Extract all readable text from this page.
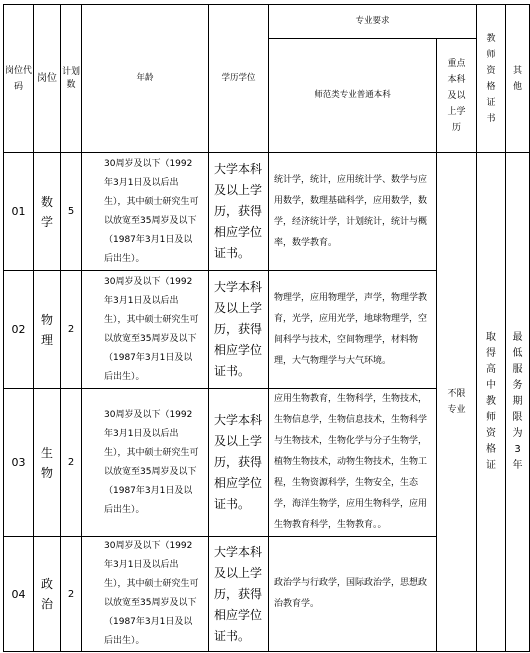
岗位代码	岗位	计划数	年龄	学历学位	专业要求		教师资格证书	其他
					师范类专业普通本科	重点本科及以上学历		
01	数学	5	30周岁及以下（1992年3月1日及以后出生），其中硕士研究生可以放宽至35周岁及以下（1987年3月1日及以后出生）。	大学本科及以上学历，获得相应学位证书。	统计学，统计，应用统计学、数学与应用数学，数理基础科学，应用数学，数学，经济统计学，计划统计，统计与概率，数学教育。	不限专业	取得高中教师资格证	最低服务期限为3年
02	物理	2	30周岁及以下（1992年3月1日及以后出生），其中硕士研究生可以放宽至35周岁及以下（1987年3月1日及以后出生）。	大学本科及以上学历，获得相应学位证书。	物理学，应用物理学，声学，物理学教育，光学，应用光学，地球物理学，空间科学与技术，空间物理学，材料物理，大气物理学与大气环境。			
03	生物	2	30周岁及以下（1992年3月1日及以后出生），其中硕士研究生可以放宽至35周岁及以下（1987年3月1日及以后出生）。	大学本科及以上学历，获得相应学位证书。	应用生物教育，生物科学，生物技术，生物信息学，生物信息技术，生物科学与生物技术，生物化学与分子生物学，植物生物技术，动物生物技术，生物工程，生物资源科学，生物安全，生态学，海洋生物学，应用生物科学，应用生物教育科学，生物教育。。			
04	政治	2	30周岁及以下（1992年3月1日及以后出生），其中硕士研究生可以放宽至35周岁及以下（1987年3月1日及以后出生）。	大学本科及以上学历，获得相应学位证书。	政治学与行政学，国际政治学，思想政治教育学。			
